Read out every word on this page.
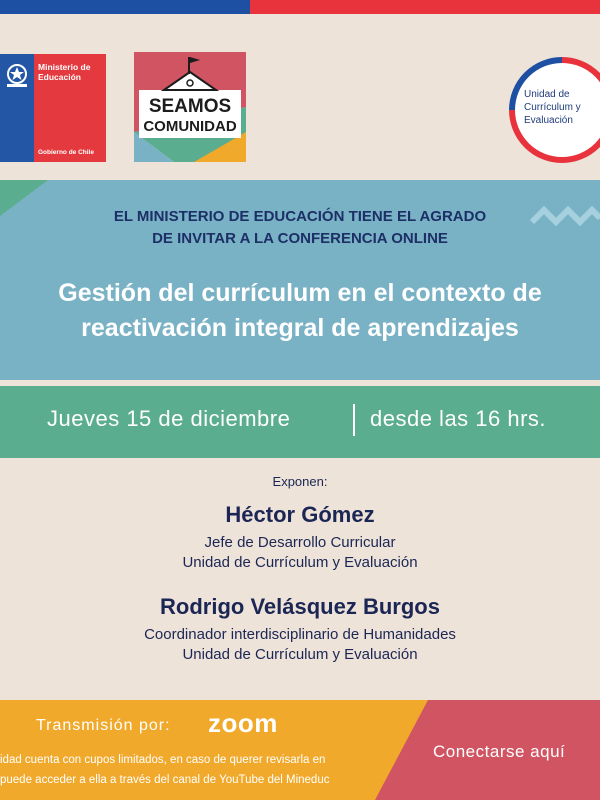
Ministerio de
Educación
Gobierno de Chile
SEAMOS
COMUNIDAD
Unidad de
Currículum y
Evaluación
EL MINISTERIO DE EDUCACIÓN TIENE EL AGRADO
DE INVITAR A LA CONFERENCIA ONLINE
Gestión del currículum en el contexto de
reactivación integral de aprendizajes
Jueves 15 de diciembre	desde las 16 hrs.
Exponen:
Héctor Gómez
Jefe de Desarrollo Curricular
Unidad de Currículum y Evaluación
Rodrigo Velásquez Burgos
Coordinador interdisciplinario de Humanidades
Unidad de Currículum y Evaluación
Transmisión por: zoom
idad cuenta con cupos limitados, en caso de querer revisarla en
puede acceder a ella a través del canal de YouTube del Mineduc
Conectarse aquí
